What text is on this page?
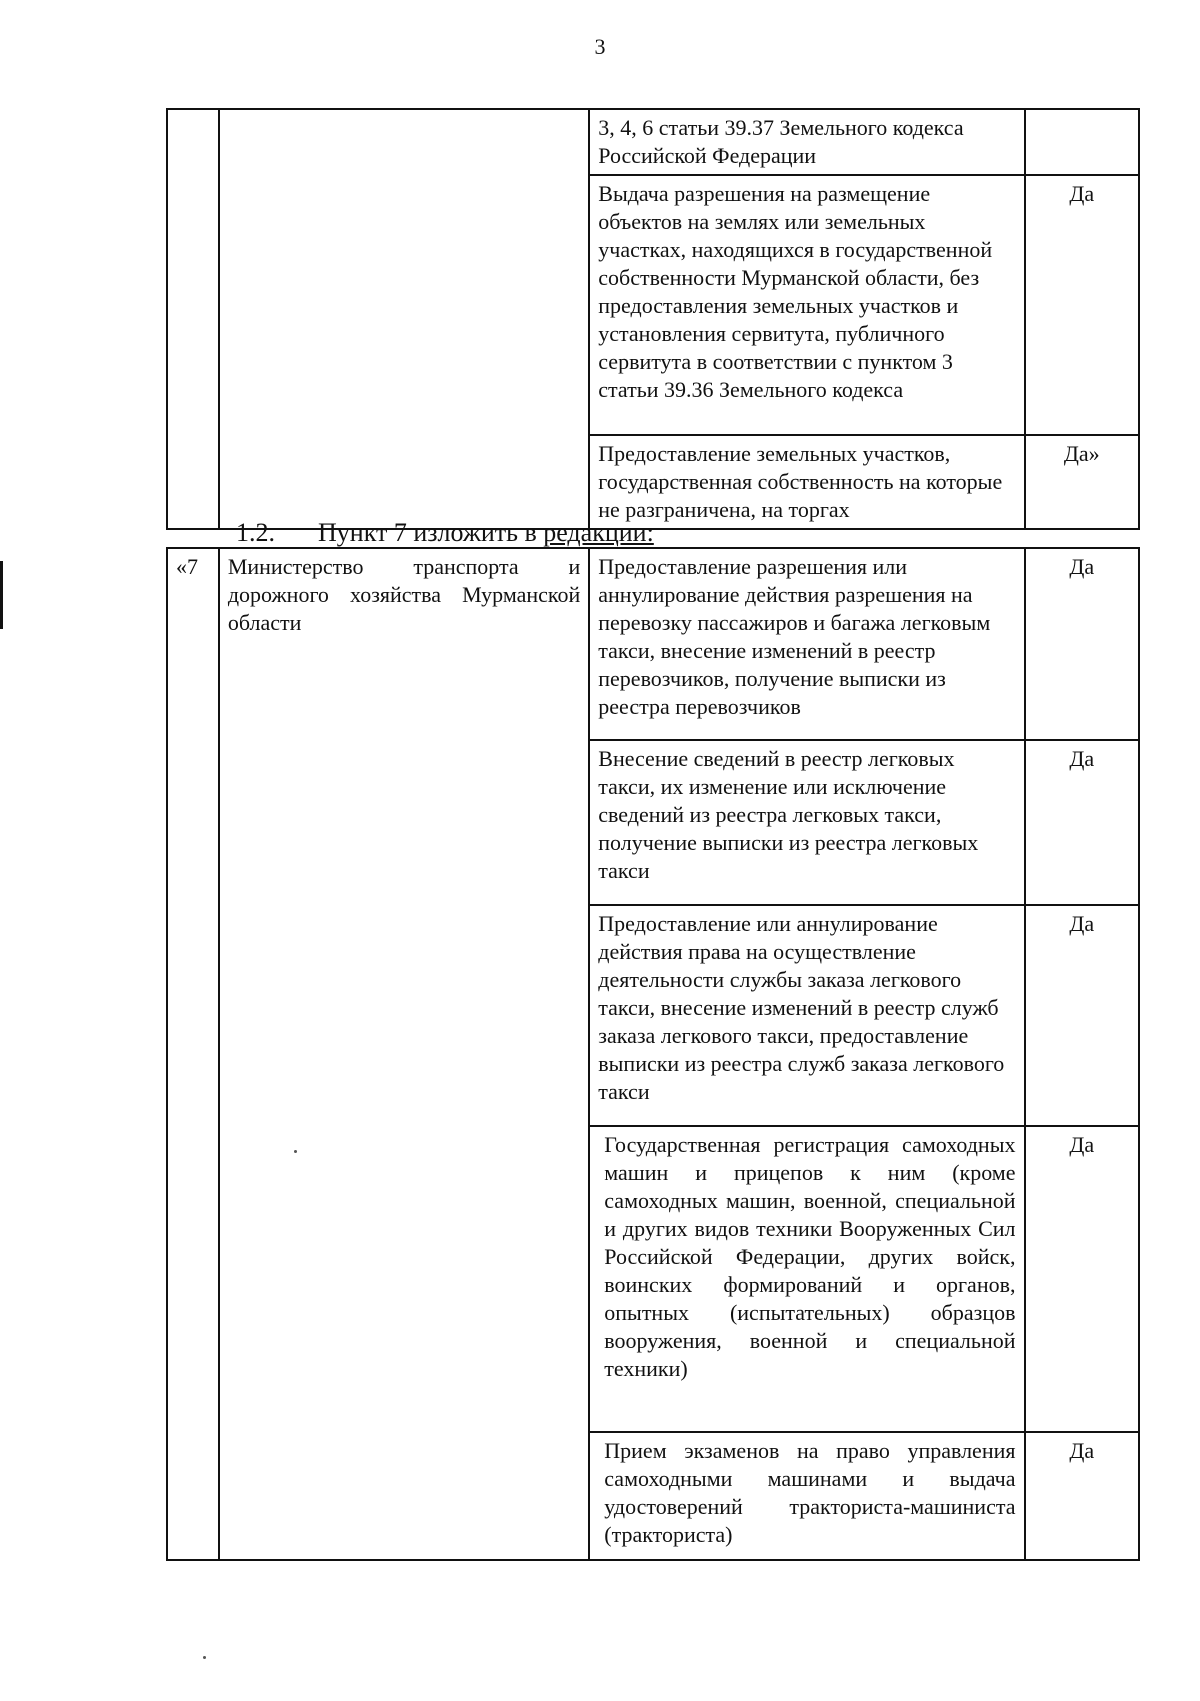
3
		3, 4, 6 статьи 39.37 Земельного кодекса Российской Федерации	
		Выдача разрешения на размещение объектов на землях или земельных участках, находящихся в государственной собственности Мурманской области, без предоставления земельных участков и установления сервитута, публичного сервитута в соответствии с пунктом 3 статьи 39.36 Земельного кодекса	Да
		Предоставление земельных участков, государственная собственность на которые не разграничена, на торгах	Да»
1.2. Пункт 7 изложить в редакции:
«7	Министерство транспорта и дорожного хозяйства Мурманской области	Предоставление разрешения или аннулирование действия разрешения на перевозку пассажиров и багажа легковым такси, внесение изменений в реестр перевозчиков, получение выписки из реестра перевозчиков	Да
		Внесение сведений в реестр легковых такси, их изменение или исключение сведений из реестра легковых такси, получение выписки из реестра легковых такси	Да
		Предоставление или аннулирование действия права на осуществление деятельности службы заказа легкового такси, внесение изменений в реестр служб заказа легкового такси, предоставление выписки из реестра служб заказа легкового такси	Да
		Государственная регистрация самоходных машин и прицепов к ним (кроме самоходных машин, военной, специальной и других видов техники Вооруженных Сил Российской Федерации, других войск, воинских формирований и органов, опытных (испытательных) образцов вооружения, военной и специальной техники)	Да
		Прием экзаменов на право управления самоходными машинами и выдача удостоверений тракториста-машиниста (тракториста)	Да
